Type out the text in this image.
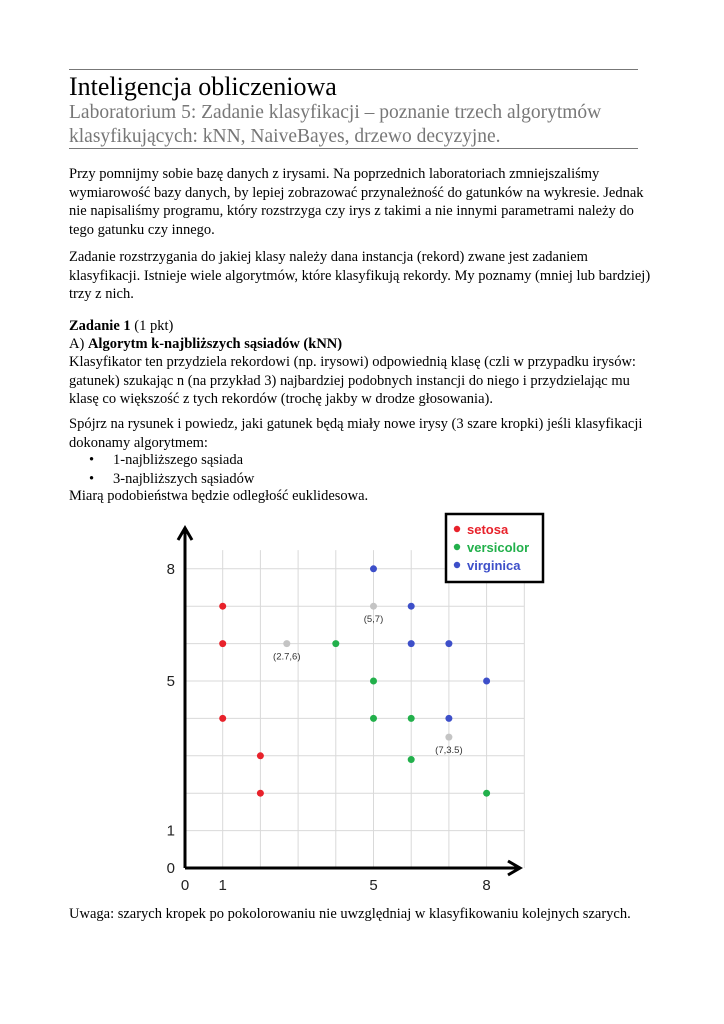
Inteligencja obliczeniowa
Laboratorium 5: Zadanie klasyfikacji – poznanie trzech algorytmów klasyfikujących: kNN, NaiveBayes, drzewo decyzyjne.

Przy pomnijmy sobie bazę danych z irysami. Na poprzednich laboratoriach zmniejszaliśmy wymiarowość bazy danych, by lepiej zobrazować przynależność do gatunków na wykresie. Jednak nie napisaliśmy programu, który rozstrzyga czy irys z takimi a nie innymi parametrami należy do tego gatunku czy innego.

Zadanie rozstrzygania do jakiej klasy należy dana instancja (rekord) zwane jest zadaniem klasyfikacji. Istnieje wiele algorytmów, które klasyfikują rekordy. My poznamy (mniej lub bardziej) trzy z nich.

Zadanie 1 (1 pkt)
A) Algorytm k-najbliższych sąsiadów (kNN)

Klasyfikator ten przydziela rekordowi (np. irysowi) odpowiednią klasę (czli w przypadku irysów: gatunek) szukając n (na przykład 3) najbardziej podobnych instancji do niego i przydzielając mu klasę co większość z tych rekordów (trochę jakby w drodze głosowania).

Spójrz na rysunek i powiedz, jaki gatunek będą miały nowe irysy (3 szare kropki) jeśli klasyfikacji dokonamy algorytmem:

• 1-najbliższego sąsiada
• 3-najbliższych sąsiadów

Miarą podobieństwa będzie odległość euklidesowa.

0 1	5	8
0
1
5
8
(2.7,6)
(5,7)
(7,3.5)
setosa
versicolor
virginica
Uwaga: szarych kropek po pokolorowaniu nie uwzględniaj w klasyfikowaniu kolejnych szarych.
